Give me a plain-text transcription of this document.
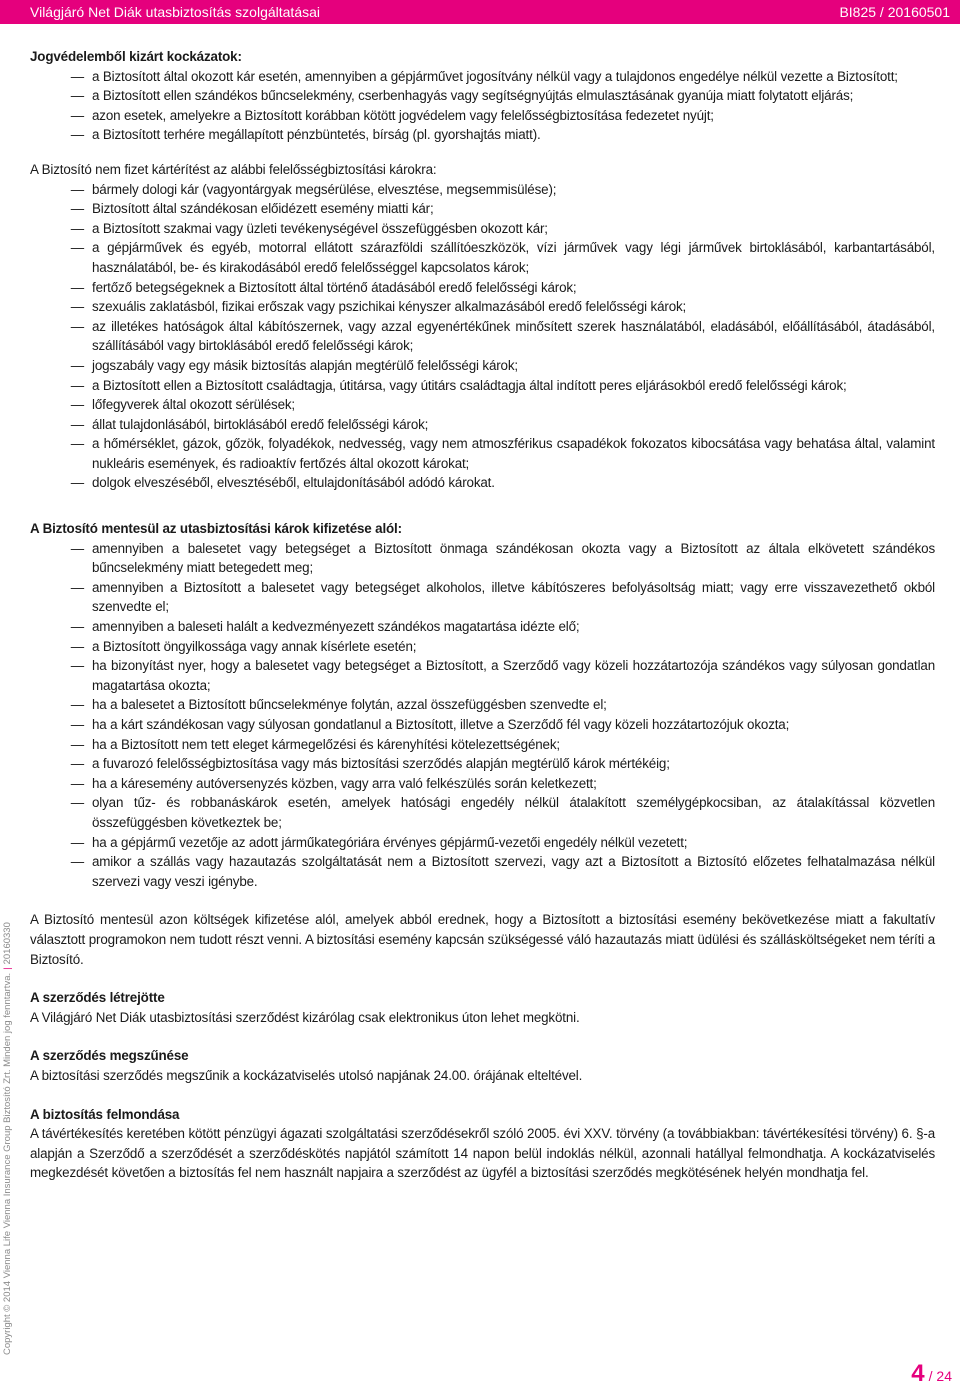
Világjáró Net Diák utasbiztosítás szolgáltatásai	BI825 / 20160501

Jogvédelemből kizárt kockázatok:

— a Biztosított által okozott kár esetén, amennyiben a gépjárművet jogosítvány nélkül vagy a tulajdonos engedélye nélkül vezette a Biztosított;
— a Biztosított ellen szándékos bűncselekmény, cserbenhagyás vagy segítségnyújtás elmulasztásának gyanúja miatt folytatott eljárás;
— azon esetek, amelyekre a Biztosított korábban kötött jogvédelem vagy felelősségbiztosítása fedezetet nyújt;
— a Biztosított terhére megállapított pénzbüntetés, bírság (pl. gyorshajtás miatt).

A Biztosító nem fizet kártérítést az alábbi felelősségbiztosítási károkra:

— bármely dologi kár (vagyontárgyak megsérülése, elvesztése, megsemmisülése);
— Biztosított által szándékosan előidézett esemény miatti kár;
— a Biztosított szakmai vagy üzleti tevékenységével összefüggésben okozott kár;
— a gépjárművek és egyéb, motorral ellátott szárazföldi szállítóeszközök, vízi járművek vagy légi járművek birtoklásából, karbantartásából, használatából, be- és kirakodásából eredő felelősséggel kapcsolatos károk;
— fertőző betegségeknek a Biztosított által történő átadásából eredő felelősségi károk;
— szexuális zaklatásból, fizikai erőszak vagy pszichikai kényszer alkalmazásából eredő felelősségi károk;
— az illetékes hatóságok által kábítószernek, vagy azzal egyenértékűnek minősített szerek használatából, eladásából, előállításából, átadásából, szállításából vagy birtoklásából eredő felelősségi károk;
— jogszabály vagy egy másik biztosítás alapján megtérülő felelősségi károk;
— a Biztosított ellen a Biztosított családtagja, útitársa, vagy útitárs családtagja által indított peres eljárásokból eredő felelősségi károk;
— lőfegyverek által okozott sérülések;
— állat tulajdonlásából, birtoklásából eredő felelősségi károk;
— a hőmérséklet, gázok, gőzök, folyadékok, nedvesség, vagy nem atmoszférikus csapadékok fokozatos kibocsátása vagy behatása által, valamint nukleáris események, és radioaktív fertőzés által okozott károkat;
— dolgok elveszéséből, elvesztéséből, eltulajdonításából adódó károkat.

A Biztosító mentesül az utasbiztosítási károk kifizetése alól:

— amennyiben a balesetet vagy betegséget a Biztosított önmaga szándékosan okozta vagy a Biztosított az általa elkövetett szándékos bűncselekmény miatt betegedett meg;
— amennyiben a Biztosított a balesetet vagy betegséget alkoholos, illetve kábítószeres befolyásoltság miatt; vagy erre visszavezethető okból szenvedte el;
— amennyiben a baleseti halált a kedvezményezett szándékos magatartása idézte elő;
— a Biztosított öngyilkossága vagy annak kísérlete esetén;
— ha bizonyítást nyer, hogy a balesetet vagy betegséget a Biztosított, a Szerződő vagy közeli hozzátartozója szándékos vagy súlyosan gondatlan magatartása okozta;
— ha a balesetet a Biztosított bűncselekménye folytán, azzal összefüggésben szenvedte el;
— ha a kárt szándékosan vagy súlyosan gondatlanul a Biztosított, illetve a Szerződő fél vagy közeli hozzátartozójuk okozta;
— ha a Biztosított nem tett eleget kármegelőzési és kárenyhítési kötelezettségének;
— a fuvarozó felelősségbiztosítása vagy más biztosítási szerződés alapján megtérülő károk mértékéig;
— ha a káresemény autóversenyzés közben, vagy arra való felkészülés során keletkezett;
— olyan tűz- és robbanáskárok esetén, amelyek hatósági engedély nélkül átalakított személygépkocsiban, az átalakítással közvetlen összefüggésben következtek be;
— ha a gépjármű vezetője az adott járműkategóriára érvényes gépjármű-vezetői engedély nélkül vezetett;
— amikor a szállás vagy hazautazás szolgáltatását nem a Biztosított szervezi, vagy azt a Biztosított a Biztosító előzetes felhatalmazása nélkül szervezi vagy veszi igénybe.

A Biztosító mentesül azon költségek kifizetése alól, amelyek abból erednek, hogy a Biztosított a biztosítási esemény bekövetkezése miatt a fakultatív választott programokon nem tudott részt venni. A biztosítási esemény kapcsán szükségessé váló hazautazás miatt üdülési és szállásköltségeket nem téríti a Biztosító.

A szerződés létrejötte

A Világjáró Net Diák utasbiztosítási szerződést kizárólag csak elektronikus úton lehet megkötni.

A szerződés megszűnése

A biztosítási szerződés megszűnik a kockázatviselés utolsó napjának 24.00. órájának elteltével.

A biztosítás felmondása

A távértékesítés keretében kötött pénzügyi ágazati szolgáltatási szerződésekről szóló 2005. évi XXV. törvény (a továbbiakban: távértékesítési törvény) 6. §-a alapján a Szerződő a szerződését a szerződéskötés napjától számított 14 napon belül indoklás nélkül, azonnali hatállyal felmondhatja. A kockázatviselés megkezdését követően a biztosítás fel nem használt napjaira a szerződést az ügyfél a biztosítási szerződés megkötésének helyén mondhatja fel.

Copyright © 2014 Vienna Life Vienna Insurance Group Biztosító Zrt. Minden jog fenntartva.|20160330
4 / 24
